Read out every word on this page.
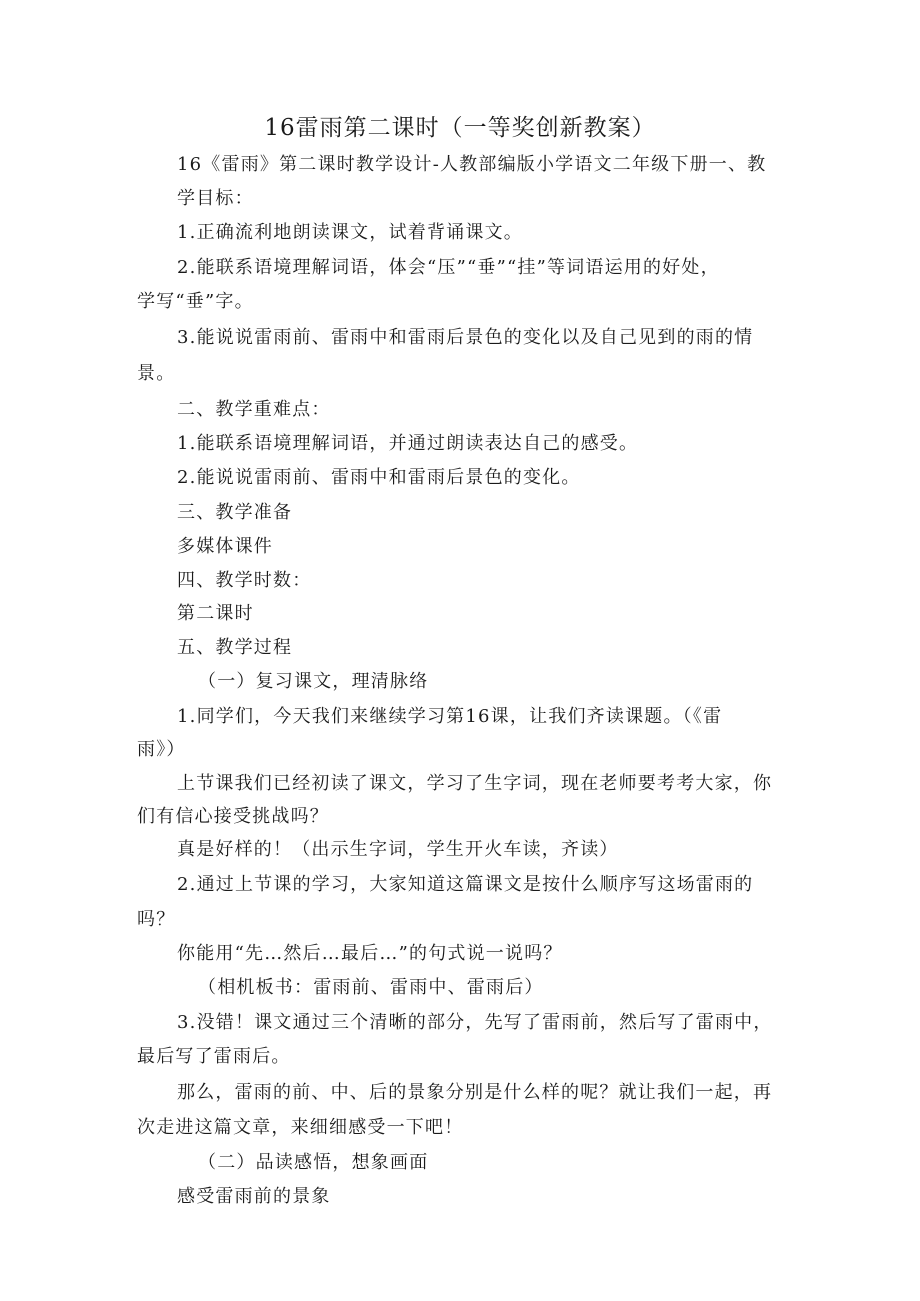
16雷雨第二课时（一等奖创新教案）
16《雷雨》第二课时教学设计-人教部编版小学语文二年级下册一、教
学目标：
1.正确流利地朗读课文，试着背诵课文。
2.能联系语境理解词语，体会“压”“垂”“挂”等词语运用的好处，
学写“垂”字。
3.能说说雷雨前、雷雨中和雷雨后景色的变化以及自己见到的雨的情
景。
二、教学重难点：
1.能联系语境理解词语，并通过朗读表达自己的感受。
2.能说说雷雨前、雷雨中和雷雨后景色的变化。
三、教学准备
多媒体课件
四、教学时数：
第二课时
五、教学过程
（一）复习课文，理清脉络
1.同学们，今天我们来继续学习第16课，让我们齐读课题。（《雷
雨》）
上节课我们已经初读了课文，学习了生字词，现在老师要考考大家，你
们有信心接受挑战吗？
真是好样的！（出示生字词，学生开火车读，齐读）
2.通过上节课的学习，大家知道这篇课文是按什么顺序写这场雷雨的
吗？
你能用“先…然后…最后…”的句式说一说吗？
（相机板书：雷雨前、雷雨中、雷雨后）
3.没错！课文通过三个清晰的部分，先写了雷雨前，然后写了雷雨中，
最后写了雷雨后。
那么，雷雨的前、中、后的景象分别是什么样的呢？就让我们一起，再
次走进这篇文章，来细细感受一下吧！
（二）品读感悟，想象画面
感受雷雨前的景象
